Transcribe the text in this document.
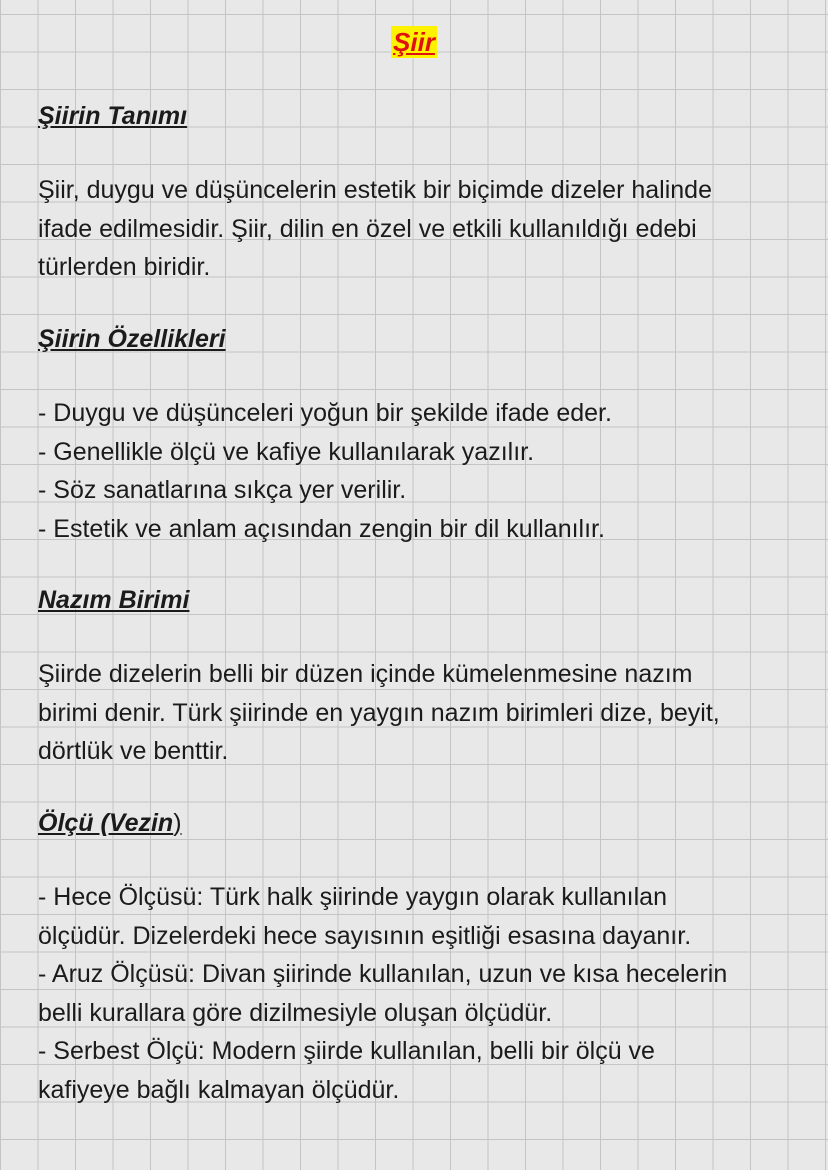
Şiir
Şiirin Tanımı
Şiir, duygu ve düşüncelerin estetik bir biçimde dizeler halinde
ifade edilmesidir. Şiir, dilin en özel ve etkili kullanıldığı edebi
türlerden biridir.
Şiirin Özellikleri
- Duygu ve düşünceleri yoğun bir şekilde ifade eder.
- Genellikle ölçü ve kafiye kullanılarak yazılır.
- Söz sanatlarına sıkça yer verilir.
- Estetik ve anlam açısından zengin bir dil kullanılır.
Nazım Birimi
Şiirde dizelerin belli bir düzen içinde kümelenmesine nazım
birimi denir. Türk şiirinde en yaygın nazım birimleri dize, beyit,
dörtlük ve benttir.
Ölçü (Vezin)
- Hece Ölçüsü: Türk halk şiirinde yaygın olarak kullanılan
ölçüdür. Dizelerdeki hece sayısının eşitliği esasına dayanır.
- Aruz Ölçüsü: Divan şiirinde kullanılan, uzun ve kısa hecelerin
belli kurallara göre dizilmesiyle oluşan ölçüdür.
- Serbest Ölçü: Modern şiirde kullanılan, belli bir ölçü ve
kafiyeye bağlı kalmayan ölçüdür.
